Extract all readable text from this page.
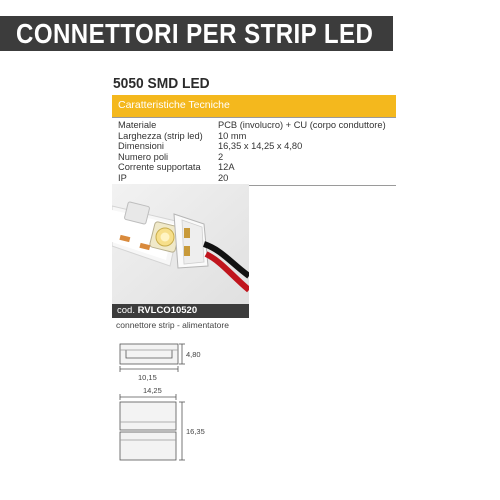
CONNETTORI PER STRIP LED
5050 SMD LED
Caratteristiche Tecniche
Materiale	PCB (involucro) + CU (corpo conduttore)
Larghezza (strip led) 10 mm
Dimensioni	16,35 x 14,25 x 4,80
Numero poli	2
Corrente supportata 12A
IP	20
cod. RVLCO10520
connettore strip - alimentatore
4,80
10,15
14,25
16,35
